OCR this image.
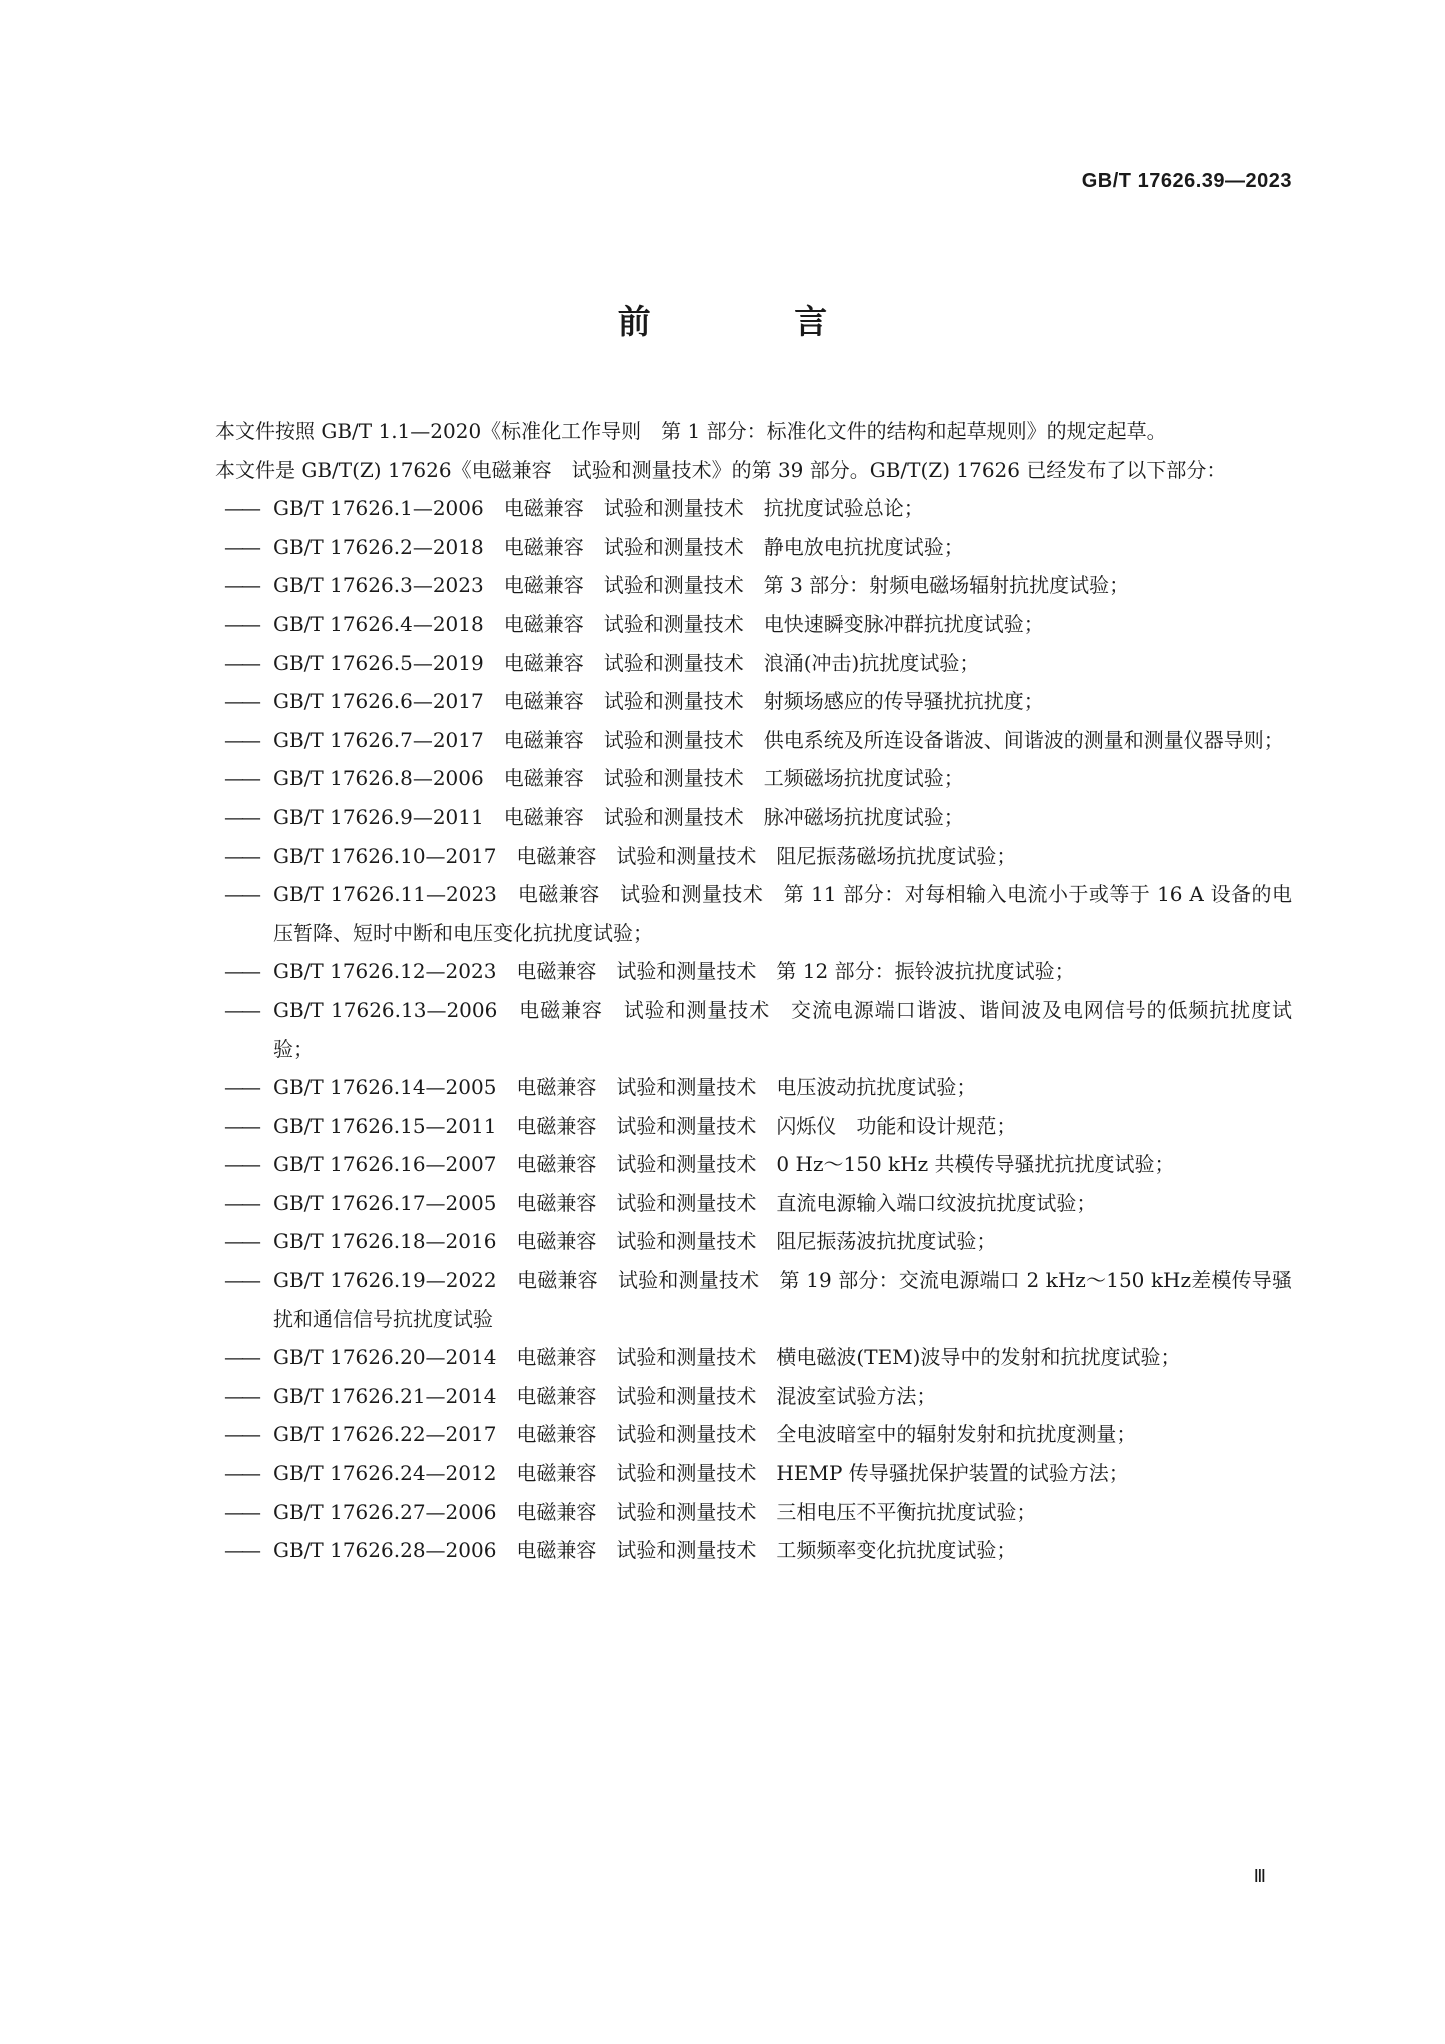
GB/T 17626.39—2023
前 言

本文件按照 GB/T 1.1—2020《标准化工作导则　第 1 部分：标准化文件的结构和起草规则》的规定起草。

本文件是 GB/T(Z) 17626《电磁兼容　试验和测量技术》的第 39 部分。GB/T(Z) 17626 已经发布了以下部分：

—— GB/T 17626.1—2006　电磁兼容　试验和测量技术　抗扰度试验总论；
—— GB/T 17626.2—2018　电磁兼容　试验和测量技术　静电放电抗扰度试验；
—— GB/T 17626.3—2023　电磁兼容　试验和测量技术　第 3 部分：射频电磁场辐射抗扰度试验；
—— GB/T 17626.4—2018　电磁兼容　试验和测量技术　电快速瞬变脉冲群抗扰度试验；
—— GB/T 17626.5—2019　电磁兼容　试验和测量技术　浪涌(冲击)抗扰度试验；
—— GB/T 17626.6—2017　电磁兼容　试验和测量技术　射频场感应的传导骚扰抗扰度；
—— GB/T 17626.7—2017　电磁兼容　试验和测量技术　供电系统及所连设备谐波、间谐波的测量和测量仪器导则；
—— GB/T 17626.8—2006　电磁兼容　试验和测量技术　工频磁场抗扰度试验；
—— GB/T 17626.9—2011　电磁兼容　试验和测量技术　脉冲磁场抗扰度试验；
—— GB/T 17626.10—2017　电磁兼容　试验和测量技术　阻尼振荡磁场抗扰度试验；
—— GB/T 17626.11—2023　电磁兼容　试验和测量技术　第 11 部分：对每相输入电流小于或等于 16 A 设备的电压暂降、短时中断和电压变化抗扰度试验；
—— GB/T 17626.12—2023　电磁兼容　试验和测量技术　第 12 部分：振铃波抗扰度试验；
—— GB/T 17626.13—2006　电磁兼容　试验和测量技术　交流电源端口谐波、谐间波及电网信号的低频抗扰度试验；
—— GB/T 17626.14—2005　电磁兼容　试验和测量技术　电压波动抗扰度试验；
—— GB/T 17626.15—2011　电磁兼容　试验和测量技术　闪烁仪　功能和设计规范；
—— GB/T 17626.16—2007　电磁兼容　试验和测量技术　0 Hz～150 kHz 共模传导骚扰抗扰度试验；
—— GB/T 17626.17—2005　电磁兼容　试验和测量技术　直流电源输入端口纹波抗扰度试验；
—— GB/T 17626.18—2016　电磁兼容　试验和测量技术　阻尼振荡波抗扰度试验；
—— GB/T 17626.19—2022　电磁兼容　试验和测量技术　第 19 部分：交流电源端口 2 kHz～150 kHz差模传导骚扰和通信信号抗扰度试验
—— GB/T 17626.20—2014　电磁兼容　试验和测量技术　横电磁波(TEM)波导中的发射和抗扰度试验；
—— GB/T 17626.21—2014　电磁兼容　试验和测量技术　混波室试验方法；
—— GB/T 17626.22—2017　电磁兼容　试验和测量技术　全电波暗室中的辐射发射和抗扰度测量；
—— GB/T 17626.24—2012　电磁兼容　试验和测量技术　HEMP 传导骚扰保护装置的试验方法；
—— GB/T 17626.27—2006　电磁兼容　试验和测量技术　三相电压不平衡抗扰度试验；
—— GB/T 17626.28—2006　电磁兼容　试验和测量技术　工频频率变化抗扰度试验；
Ⅲ
